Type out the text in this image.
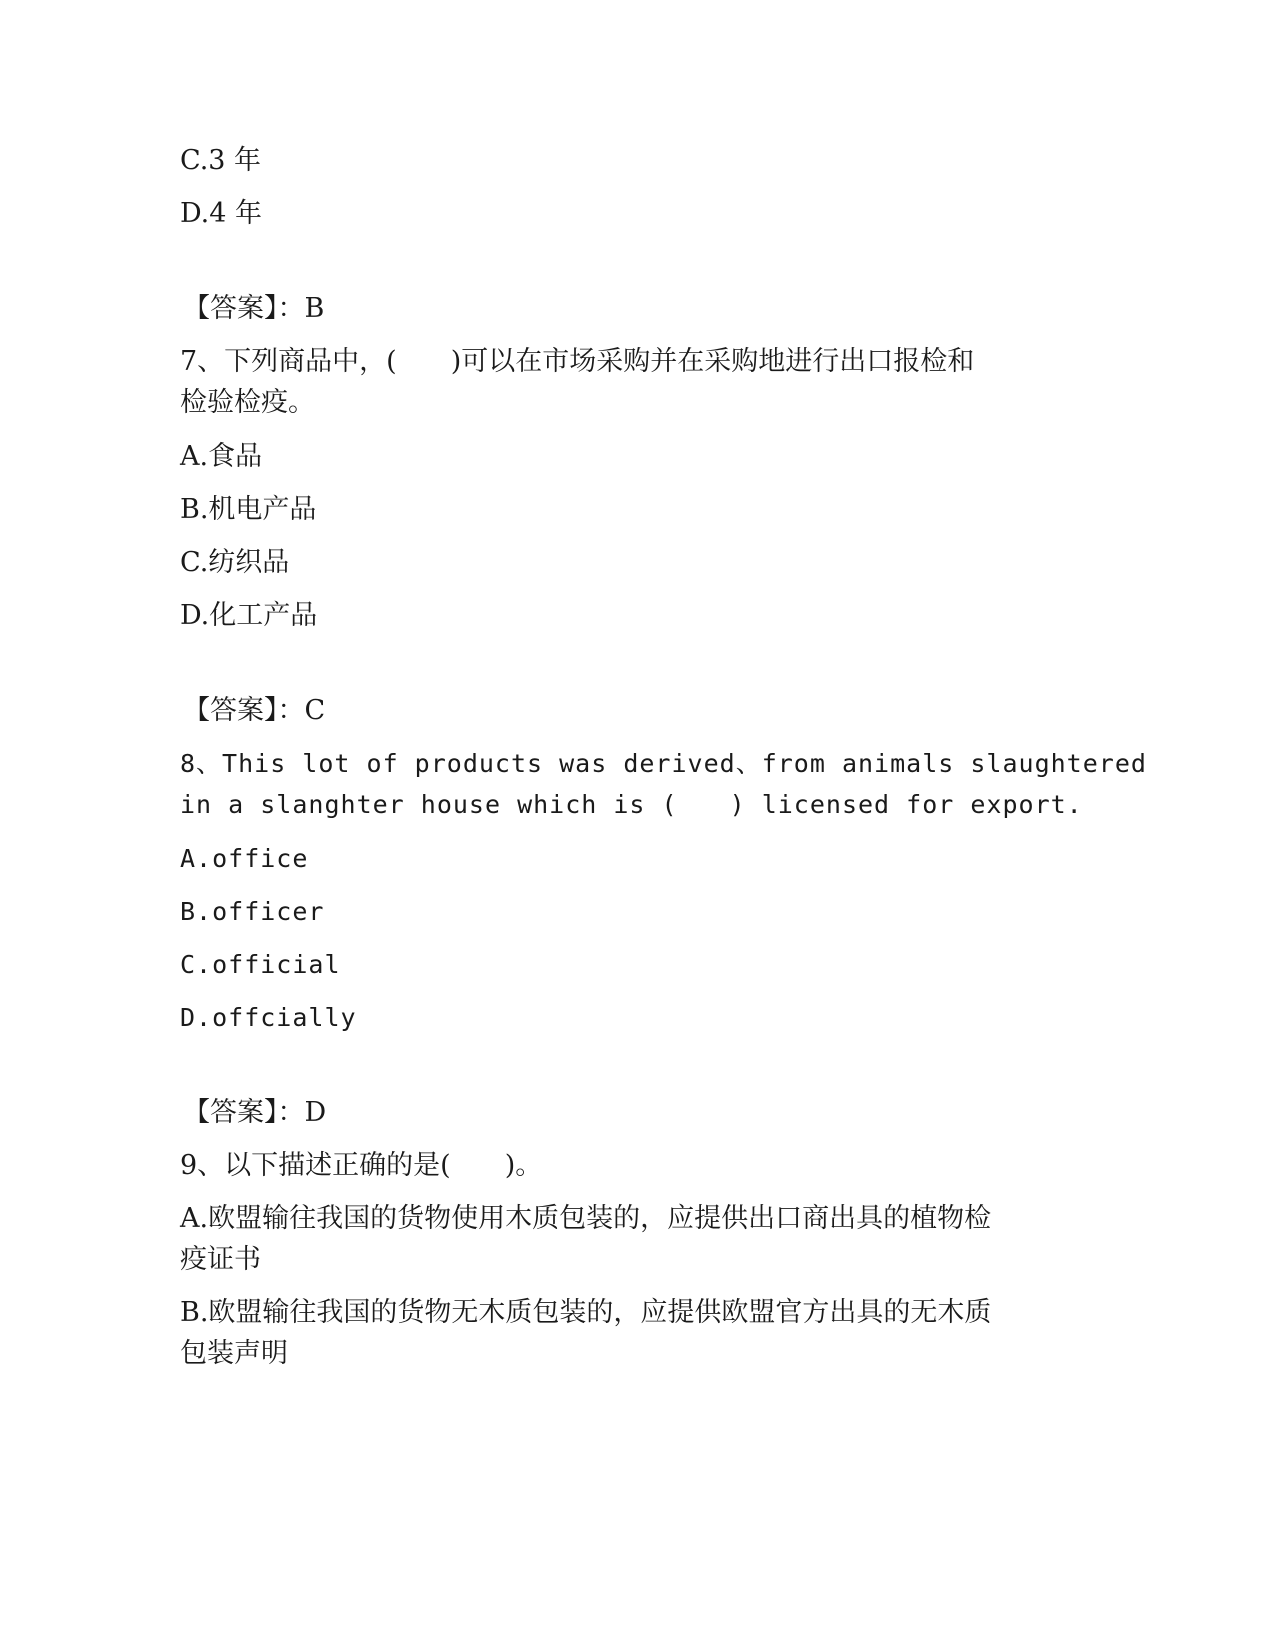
C.3 年
D.4 年
【答案】：B
7、下列商品中，(　　)可以在市场采购并在采购地进行出口报检和
检验检疫。
A.食品
B.机电产品
C.纺织品
D.化工产品
【答案】：C
8、This lot of products was derived、from animals slaughtered
in a slanghter house which is (　　) licensed for export.
A.office
B.officer
C.official
D.offcially
【答案】：D
9、以下描述正确的是(　　)。
A.欧盟输往我国的货物使用木质包装的，应提供出口商出具的植物检
疫证书
B.欧盟输往我国的货物无木质包装的，应提供欧盟官方出具的无木质
包装声明
